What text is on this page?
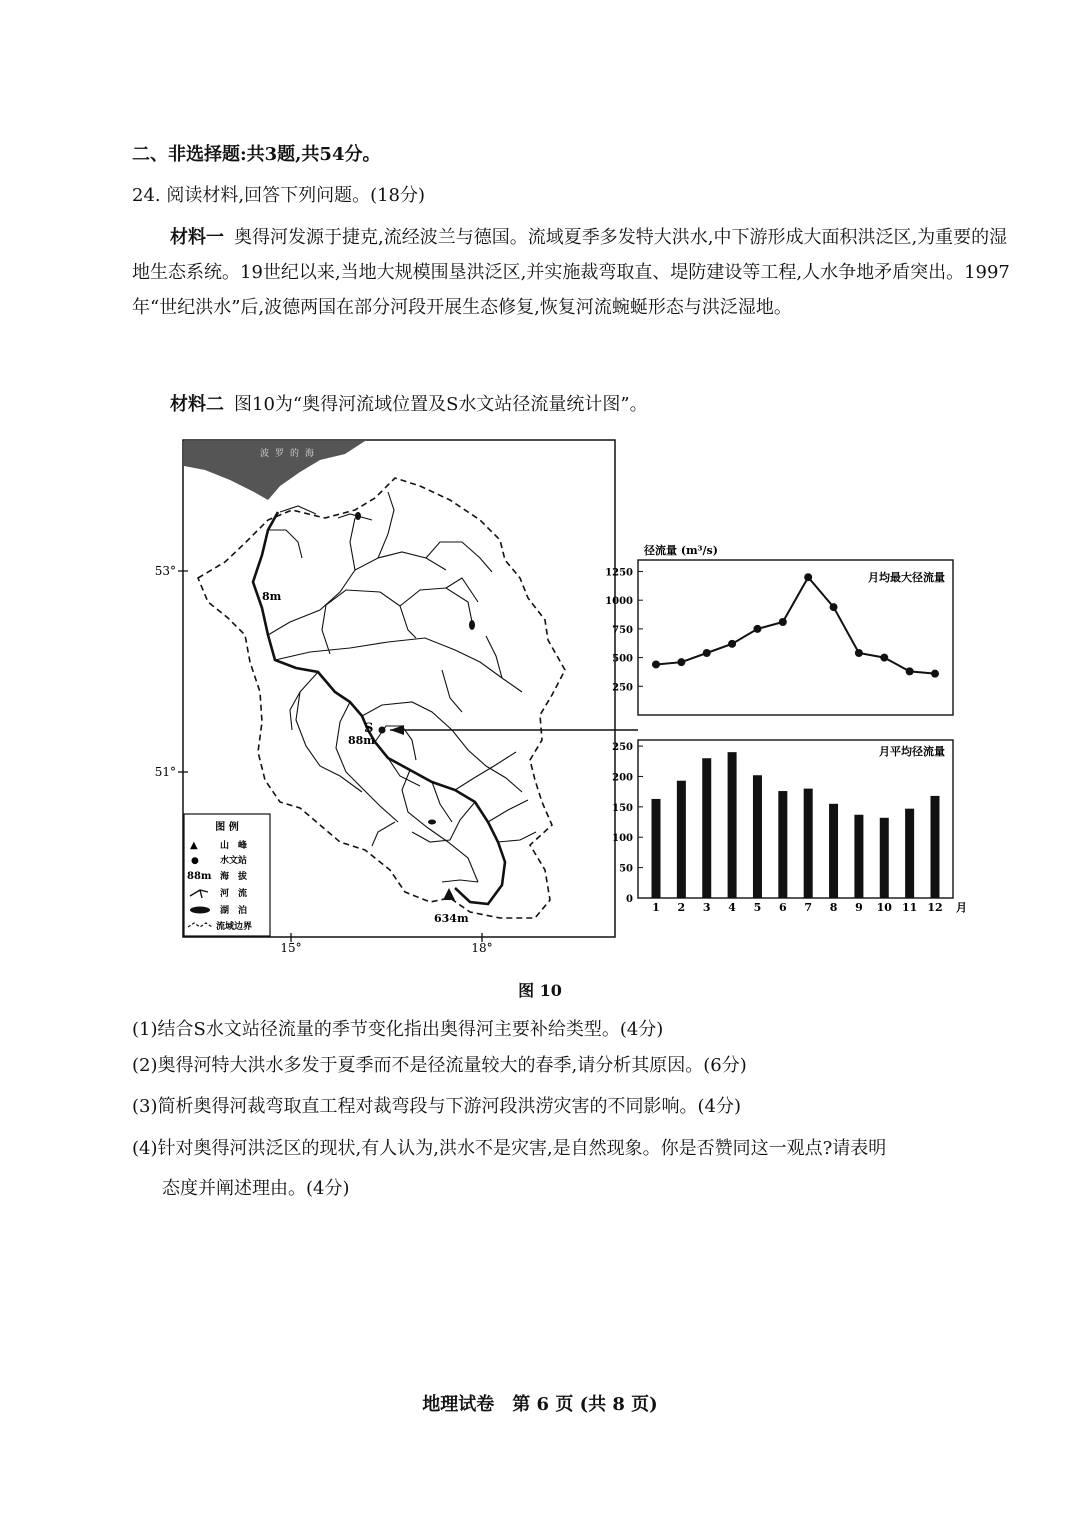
二、非选择题:共3题,共54分。
24. 阅读材料,回答下列问题。(18分)
材料一 奥得河发源于捷克,流经波兰与德国。流域夏季多发特大洪水,中下游形成大面积洪泛区,为重要的湿地生态系统。19世纪以来,当地大规模围垦洪泛区,并实施裁弯取直、堤防建设等工程,人水争地矛盾突出。1997年“世纪洪水”后,波德两国在部分河段开展生态修复,恢复河流蜿蜒形态与洪泛湿地。
材料二 图10为“奥得河流域位置及S水文站径流量统计图”。
波罗的海
53°
51°
15°	18°
8m
S
88m
634m
图 例
▲ 山　峰
● 水文站
88m 海　拔
河　流
湖　泊
流域边界
径流量 (m³/s)
月均最大径流量
月平均径流量
月
250
500
750
1000
1250
0
50
100
150
200
250
1 2 3 4 5 6 7 8 9 10 11 12
图 10
(1)结合S水文站径流量的季节变化指出奥得河主要补给类型。(4分)
(2)奥得河特大洪水多发于夏季而不是径流量较大的春季,请分析其原因。(6分)
(3)简析奥得河裁弯取直工程对裁弯段与下游河段洪涝灾害的不同影响。(4分)
(4)针对奥得河洪泛区的现状,有人认为,洪水不是灾害,是自然现象。你是否赞同这一观点?请表明
态度并阐述理由。(4分)
地理试卷　第 6 页 (共 8 页)
